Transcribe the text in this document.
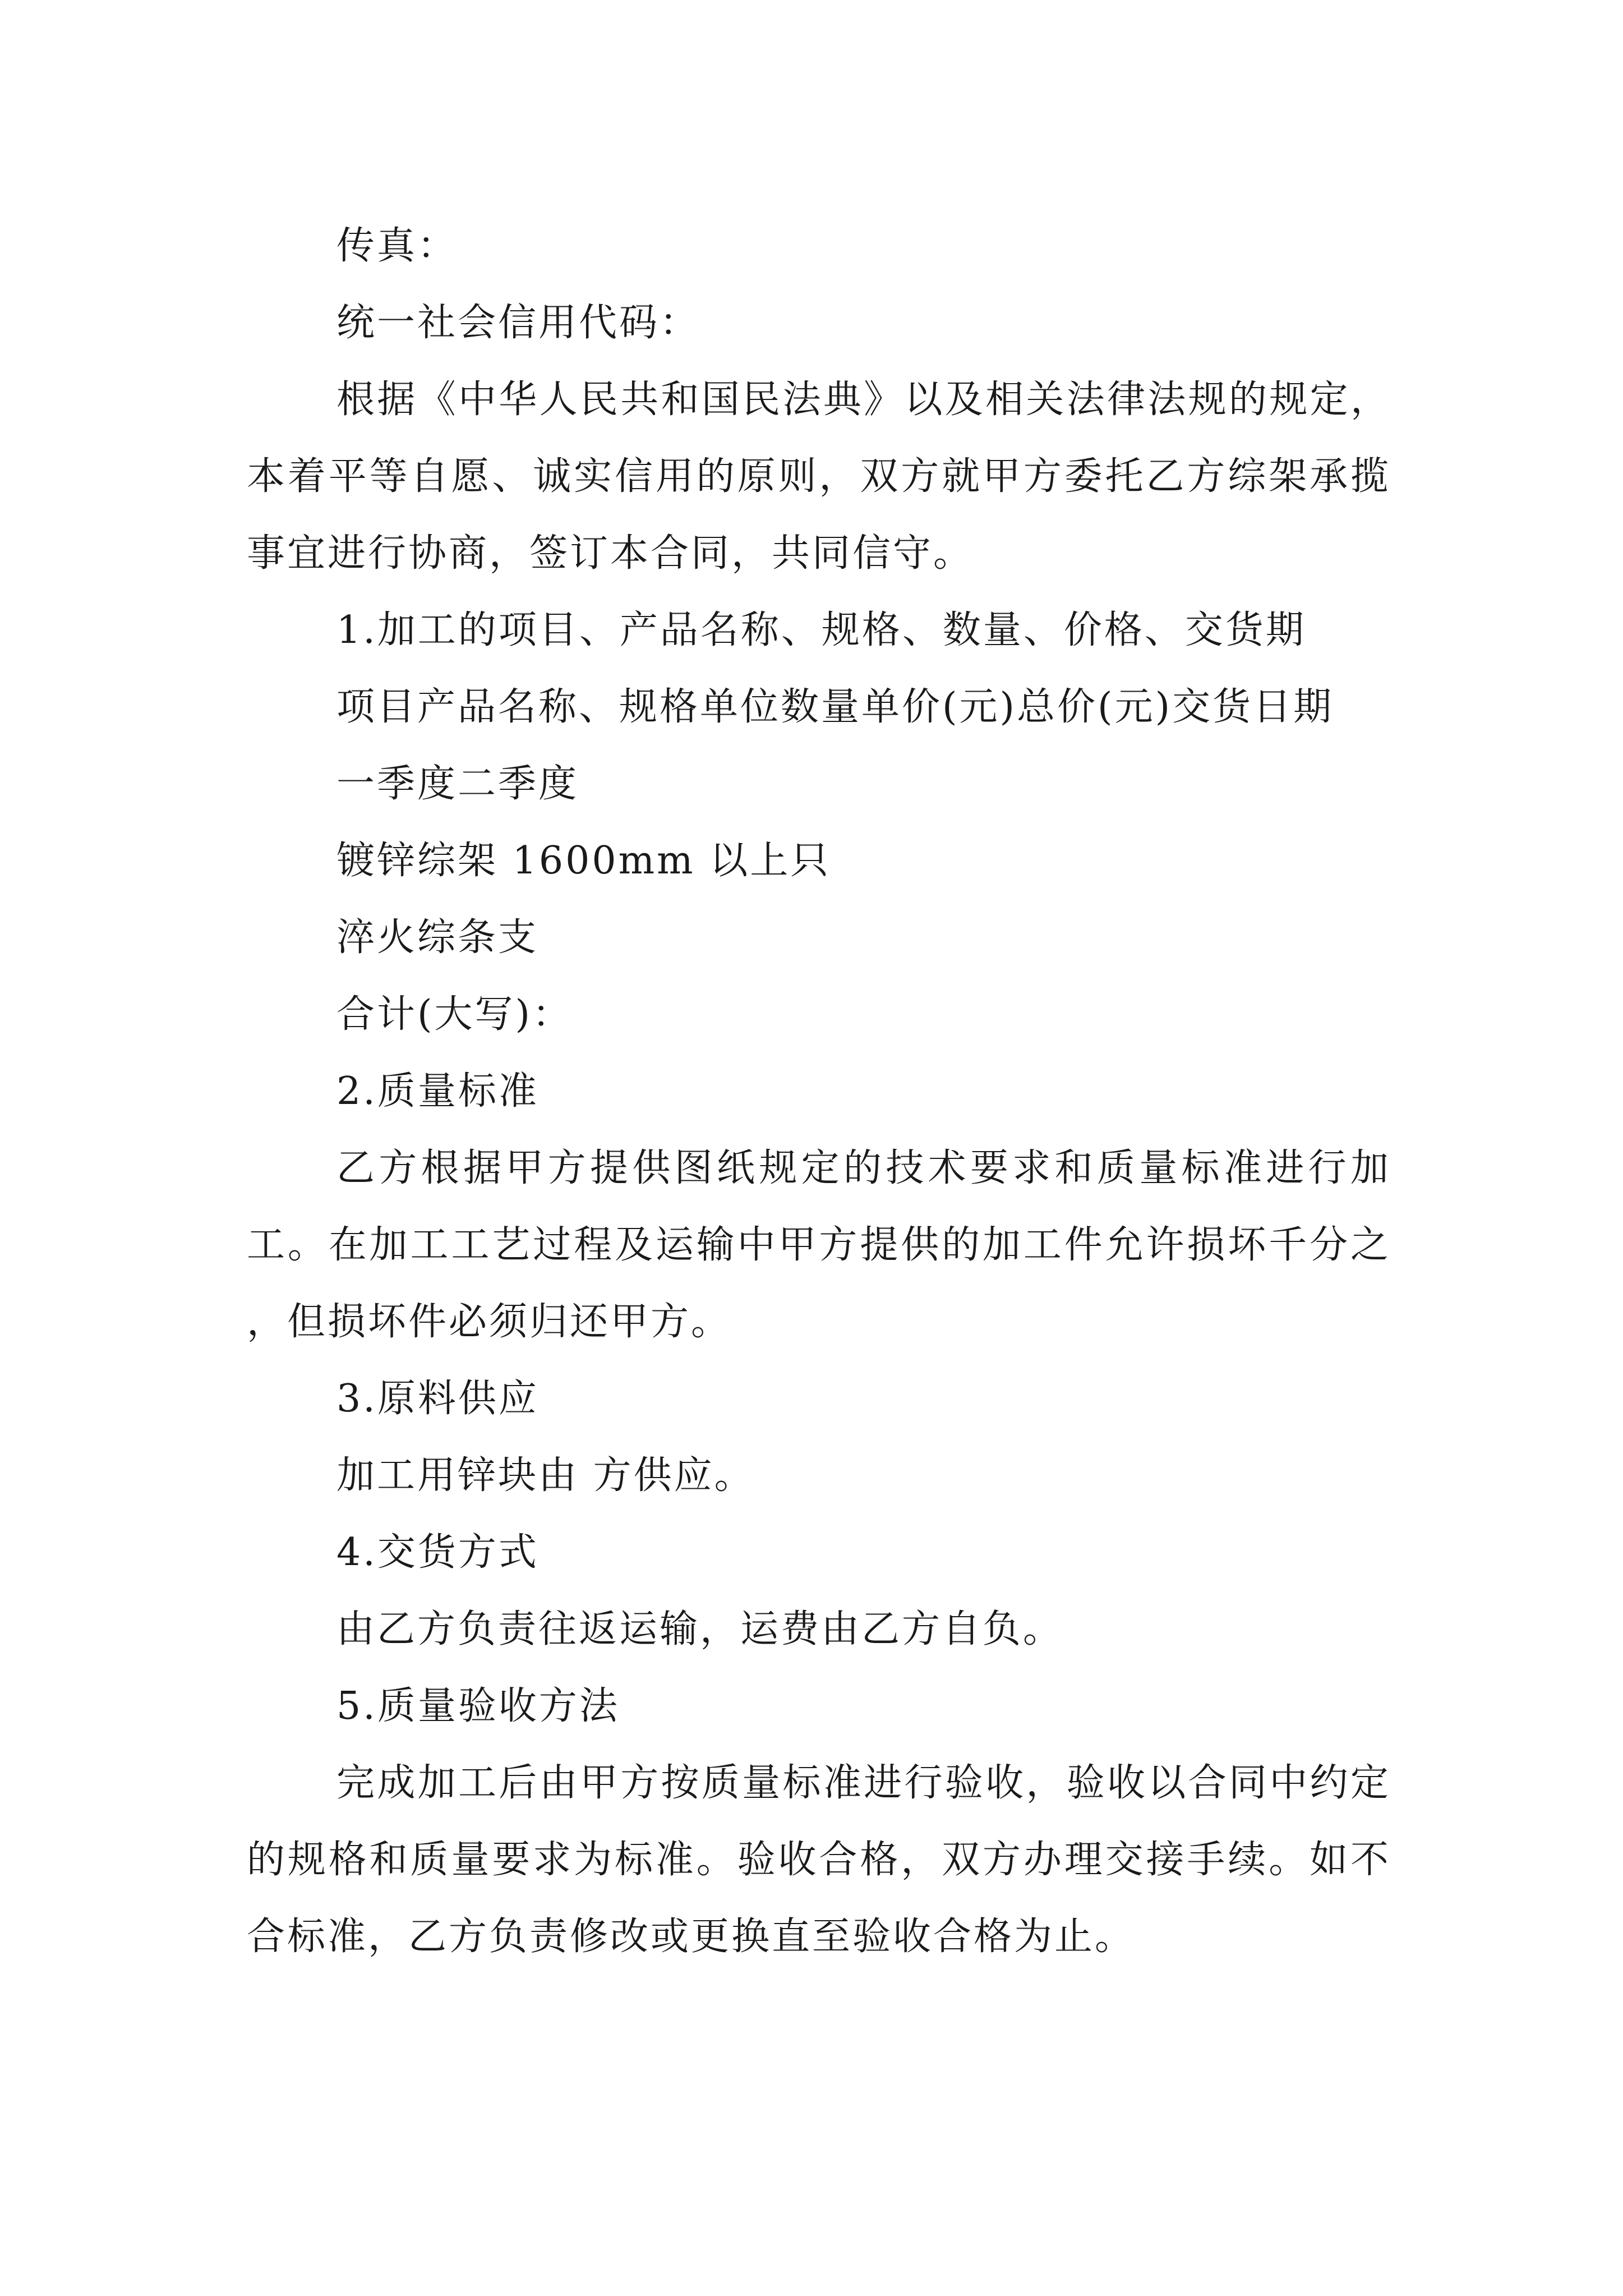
传真：

统一社会信用代码：

根据《中华人民共和国民法典》以及相关法律法规的规定，本着平等自愿、诚实信用的原则，双方就甲方委托乙方综架承揽事宜进行协商，签订本合同，共同信守。

1.加工的项目、产品名称、规格、数量、价格、交货期

项目产品名称、规格单位数量单价(元)总价(元)交货日期

一季度二季度

镀锌综架 1600mm 以上只

淬火综条支

合计(大写)：

2.质量标准

乙方根据甲方提供图纸规定的技术要求和质量标准进行加工。在加工工艺过程及运输中甲方提供的加工件允许损坏千分之 ，但损坏件必须归还甲方。

3.原料供应

加工用锌块由 方供应。

4.交货方式

由乙方负责往返运输，运费由乙方自负。

5.质量验收方法

完成加工后由甲方按质量标准进行验收，验收以合同中约定的规格和质量要求为标准。验收合格，双方办理交接手续。如不合标准，乙方负责修改或更换直至验收合格为止。
